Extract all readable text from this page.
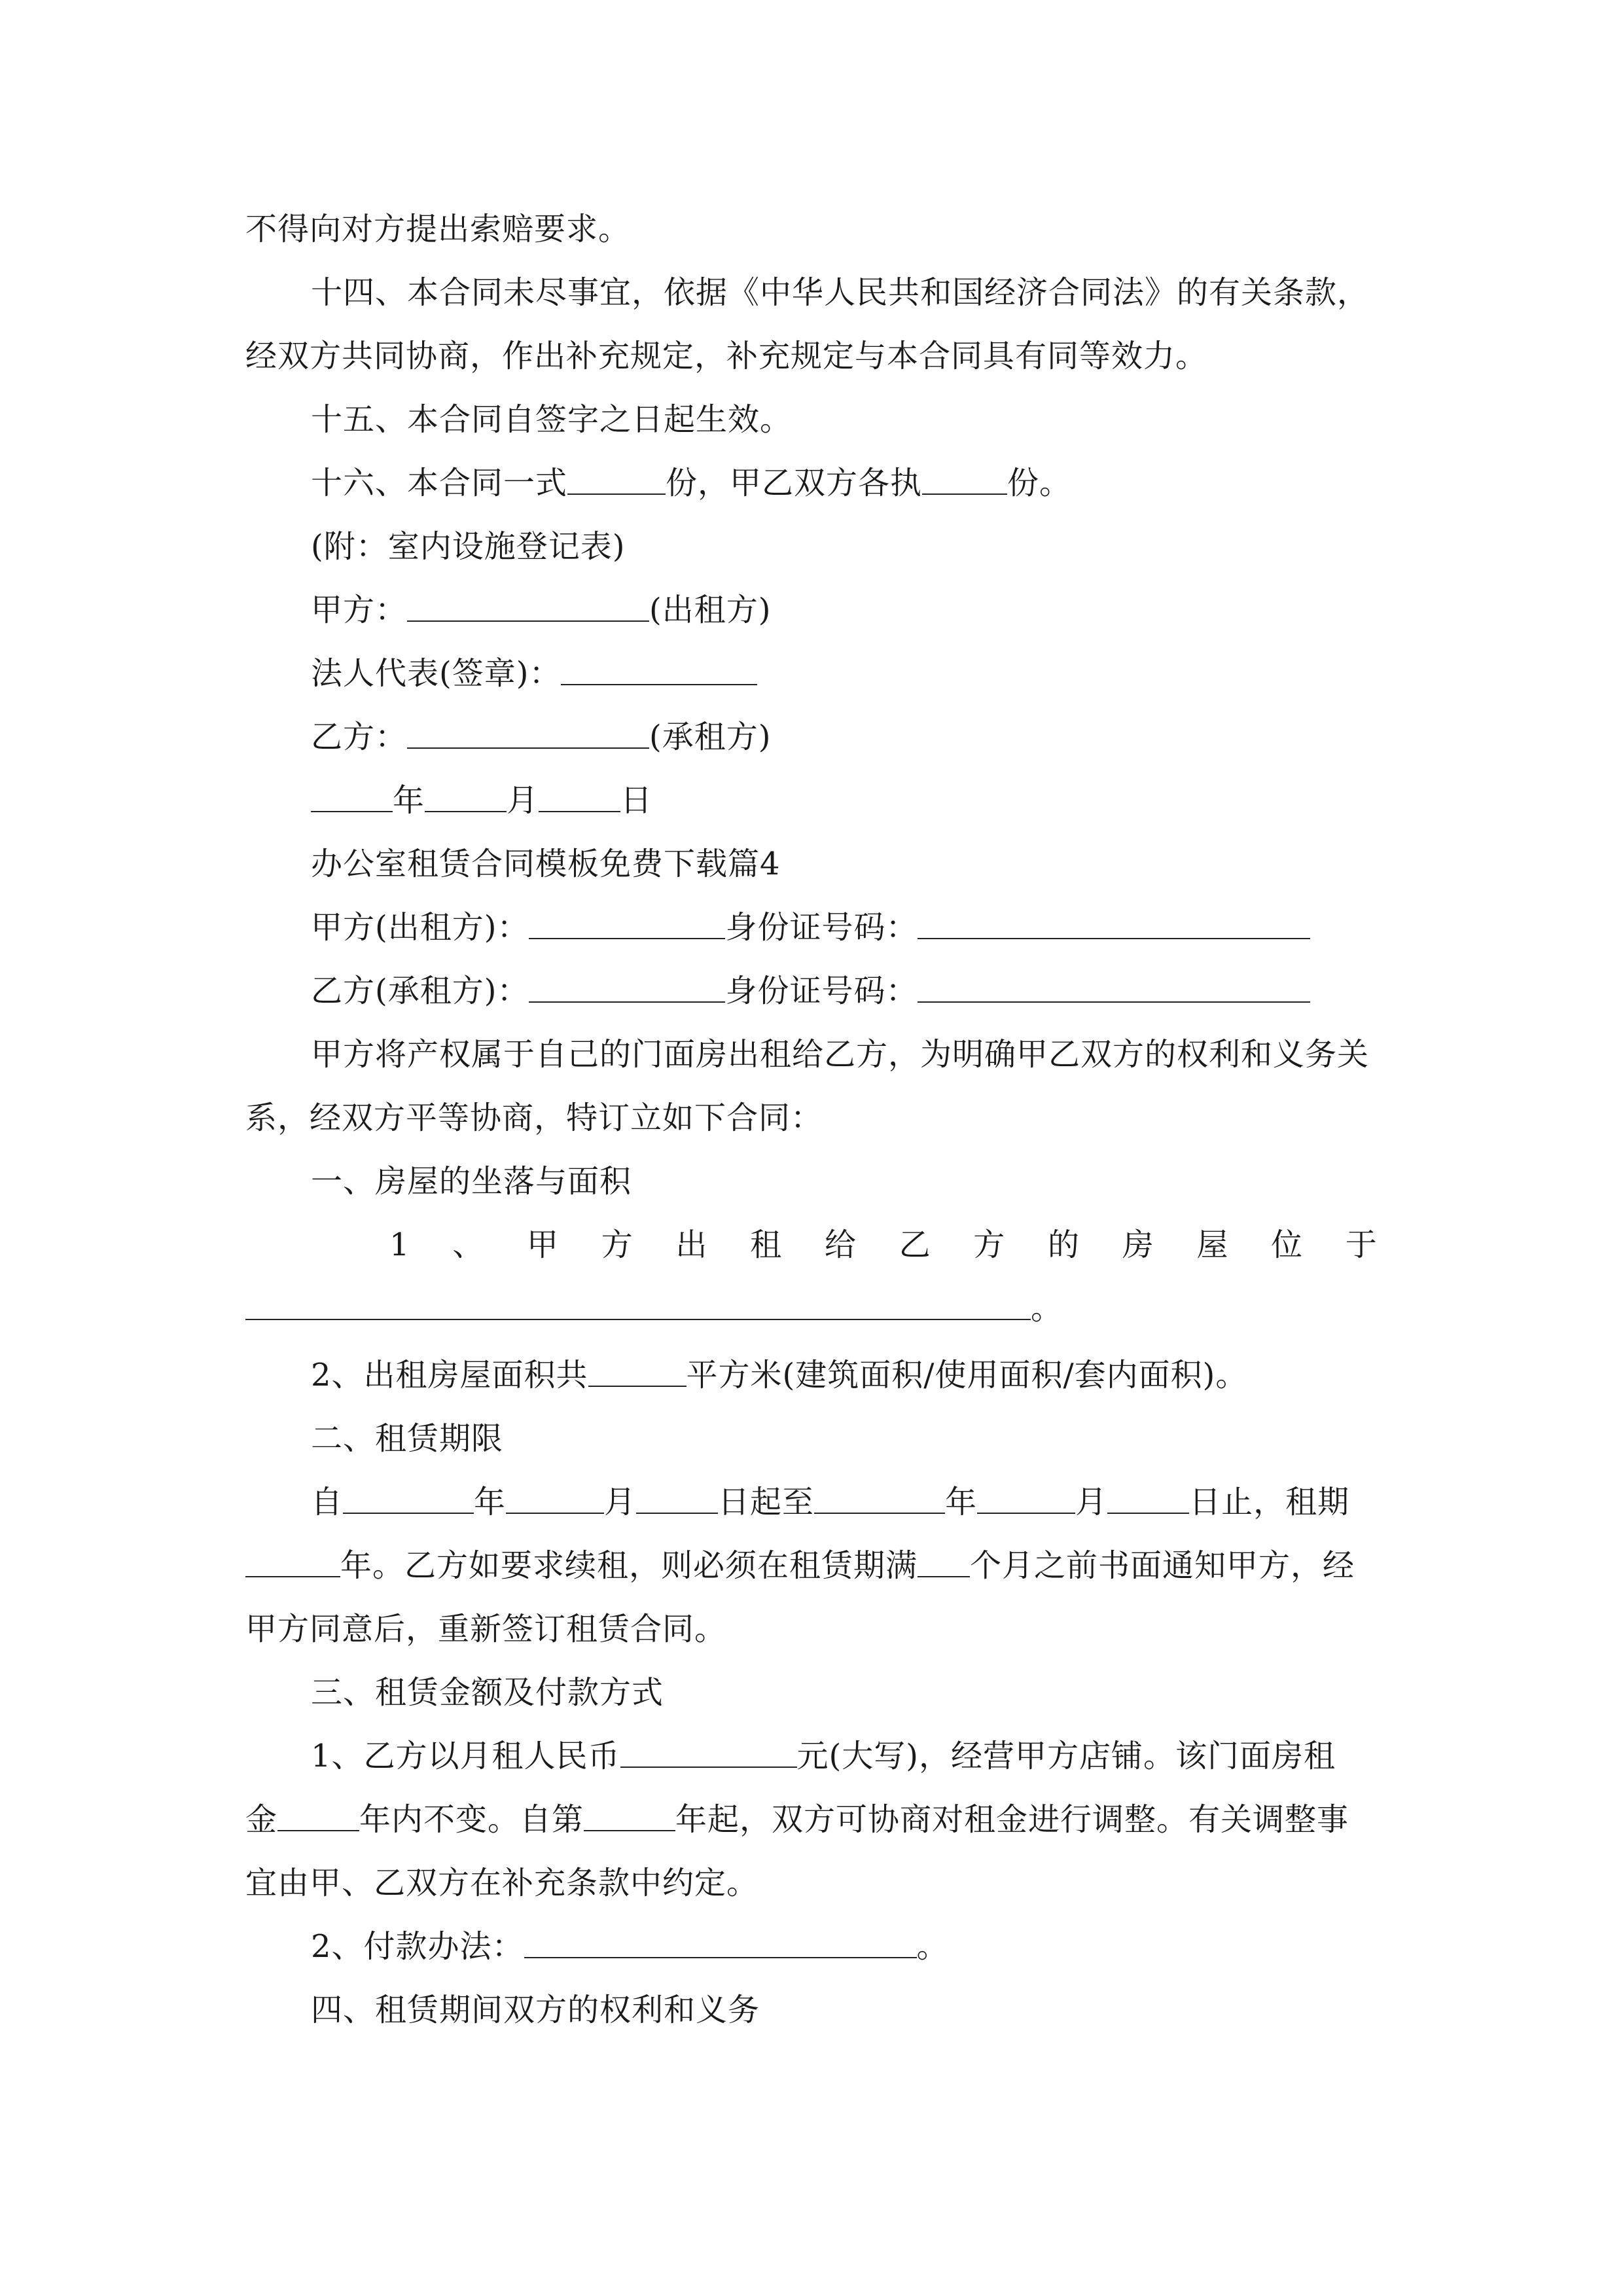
不得向对方提出索赔要求。
十四、本合同未尽事宜，依据《中华人民共和国经济合同法》的有关条款，
经双方共同协商，作出补充规定，补充规定与本合同具有同等效力。
十五、本合同自签字之日起生效。
十六、本合同一式	份，甲乙双方各执	份。
(附：室内设施登记表)
甲方：	(出租方)
法人代表(签章)：
乙方：	(承租方)
年	月	日
办公室租赁合同模板免费下载篇4
甲方(出租方)：	身份证号码：
乙方(承租方)：	身份证号码：
甲方将产权属于自己的门面房出租给乙方，为明确甲乙双方的权利和义务关
系，经双方平等协商，特订立如下合同：
一、房屋的坐落与面积
1 、 甲 方 出 租 给 乙 方 的 房 屋 位 于
。
2、出租房屋面积共	平方米(建筑面积/使用面积/套内面积)。
二、租赁期限
自	年	月	日起至	年	月	日止，租期
年。乙方如要求续租，则必须在租赁期满 个月之前书面通知甲方，经
甲方同意后，重新签订租赁合同。
三、租赁金额及付款方式
1、乙方以月租人民币	元(大写)，经营甲方店铺。该门面房租
金	年内不变。自第	年起，双方可协商对租金进行调整。有关调整事
宜由甲、乙双方在补充条款中约定。
2、付款办法：	。
四、租赁期间双方的权利和义务
